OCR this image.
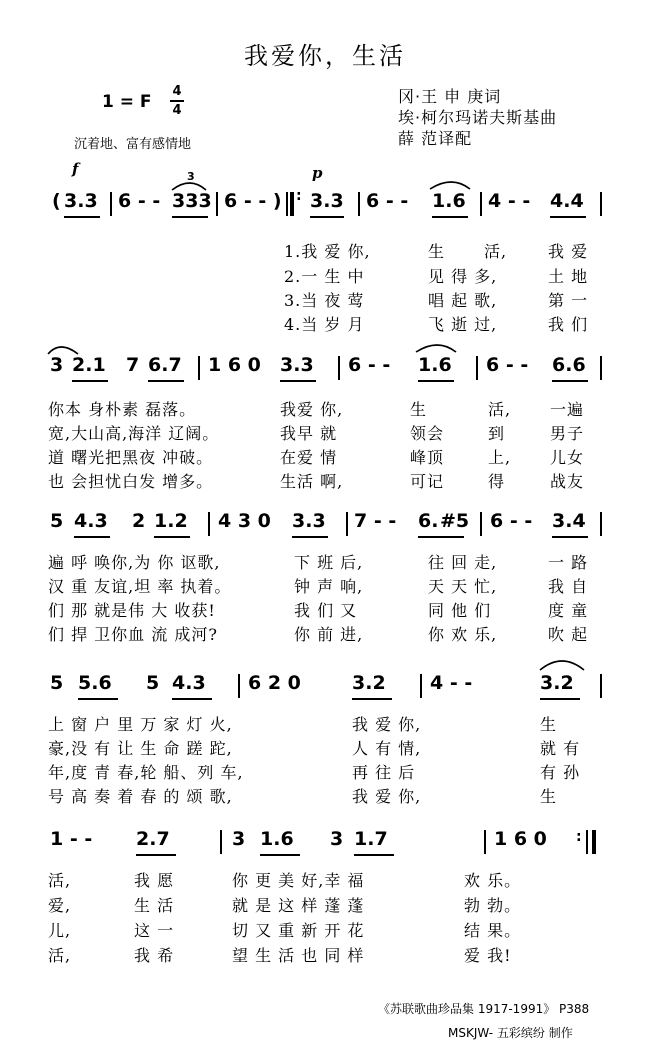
我爱你，生活
1 = F
4
4
沉着地、富有感情地
冈·王 申 庚词
埃·柯尔玛诺夫斯基曲
薛 范译配
f	p
( 3.3 6 - - 333 6 - - ) : 3.3 6 - - 1.6 4 - - 4.4
3
1.我 爱 你,	生 活,	我 爱
2.一 生 中	见 得 多,	土 地
3.当 夜 莺	唱 起 歌,	第 一
4.当 岁 月	飞 逝 过,	我 们
3 2.1 7 6.7 1 6 0 3.3 6 - - 1.6 6 - - 6.6
你本 身朴素 磊落。	我爱 你,	生	活, 一遍
宽,大山高,海洋 辽阔。	我早 就	领会	到	男子
道 曙光把黑夜 冲破。	在爱 情	峰顶	上, 儿女
也 会担忧白发 增多。	生活 啊,	可记	得	战友
5 4.3 2 1.2 4 3 0 3.3 7 - - 6. #5 6 - - 3.4
遍 呼 唤你,为 你 讴歌,	下 班 后,	往 回 走,	一 路
汉 重 友谊,坦 率 执着。	钟 声 响,	天 天 忙,	我 自
们 那 就是伟 大 收获!	我 们 又	同 他 们	度 童
们 捍 卫你血 流 成河?	你 前 进,	你 欢 乐,	吹 起
5 5.6 5 4.3 6 2 0	3.2 4 - -	3.2
上 窗 户 里 万 家 灯 火,	我 爱 你,	生
豪,没 有 让 生 命 蹉 跎,	人 有 情,	就 有
年,度 青 春,轮 船、列 车,	再 往 后	有 孙
号 高 奏 着 春 的 颂 歌,	我 爱 你,	生
1 - - 2.7	3 1.6 3 1.7	1 6 0 :
活,	我 愿	你 更 美 好,幸 福	欢 乐。
爱,	生 活	就 是 这 样 蓬 蓬	勃 勃。
儿,	这 一	切 又 重 新 开 花	结 果。
活,	我 希	望 生 活 也 同 样	爱 我!
《苏联歌曲珍品集 1917-1991》 P388
MSKJW- 五彩缤纷 制作
